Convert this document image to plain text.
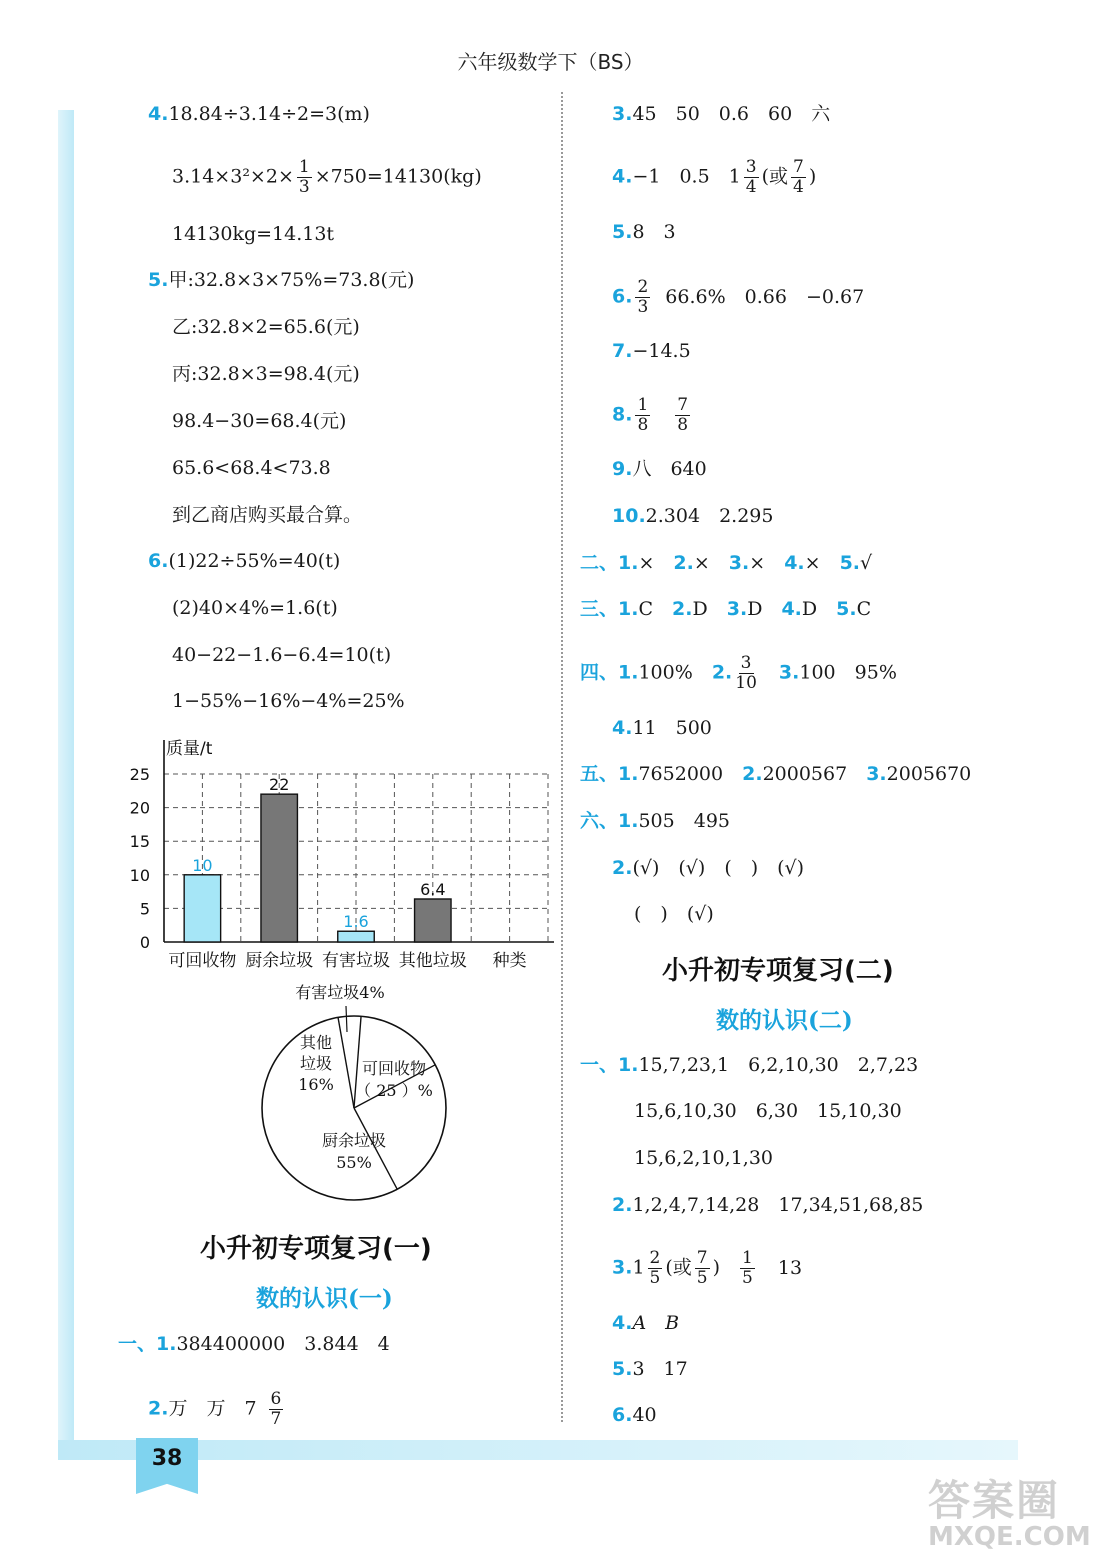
38
六年级数学下（BS）
4.18.84÷3.14÷2=3(m)
$3.14\times 3^2\times 2\times \frac{1}{3} \times 750=14130(kg)$
14130kg=14.13t
5.甲:32.8×3×75%=73.8(元)
乙:32.8×2=65.6(元)
丙:32.8×3=98.4(元)
98.4−30=68.4(元)
65.6<68.4<73.8
到乙商店购买最合算。
6.(1)22÷55%=40(t)
(2)40×4%=1.6(t)
40−22−1.6−6.4=10(t)
1−55%−16%−4%=25%
质量/t
0
5
10
15
20
25
10
可回收物
22
厨余垃圾
1.6
有害垃圾
6.4
其他垃圾 种类
有害垃圾4%
其他
垃圾
16%
可回收物
（ 25 ）%
厨余垃圾
55%
小升初专项复习(一)
数的认识(一)
一、1.384400000　3.844　4
2.万　万　$7 \frac{6}{7}$
3.45　50　0.6　60　六
4.−1　0.5　$1 \frac{3}{4}$ (或 $\frac{7}{4}$ )
5.8　3
6. $\frac{2}{3} 66.6\%$　0.66　−0.67
7.−14.5
8. $\frac{1}{8} \frac{7}{8}$
9.八　640
10.2.304　2.295
二、1.×　 2.×　 3.×　 4.×　 5.√
三、1.C　 2.D　 3.D　 4.D　 5.C
四、1.100%　 2. $\frac{3}{10}$
　 3.100　95%
4.11　500
五、1.7652000　 2.2000567　 3.2005670
六、1.505　495
2.(√)　(√)　(　)　(√)
(　)　(√)
小升初专项复习(二)
数的认识(二)
一、1.15,7,23,1　6,2,10,30　2,7,23
15,6,10,30　6,30　15,10,30
15,6,2,10,1,30
2.1,2,4,7,14,28　17,34,51,68,85
$3.1 \frac{2}{5}$ (或 $\frac{7}{5}$ ) $\frac{1}{5} 13$
4.A　B
5.3　17
6.40
答案圈
MXQE.COM
